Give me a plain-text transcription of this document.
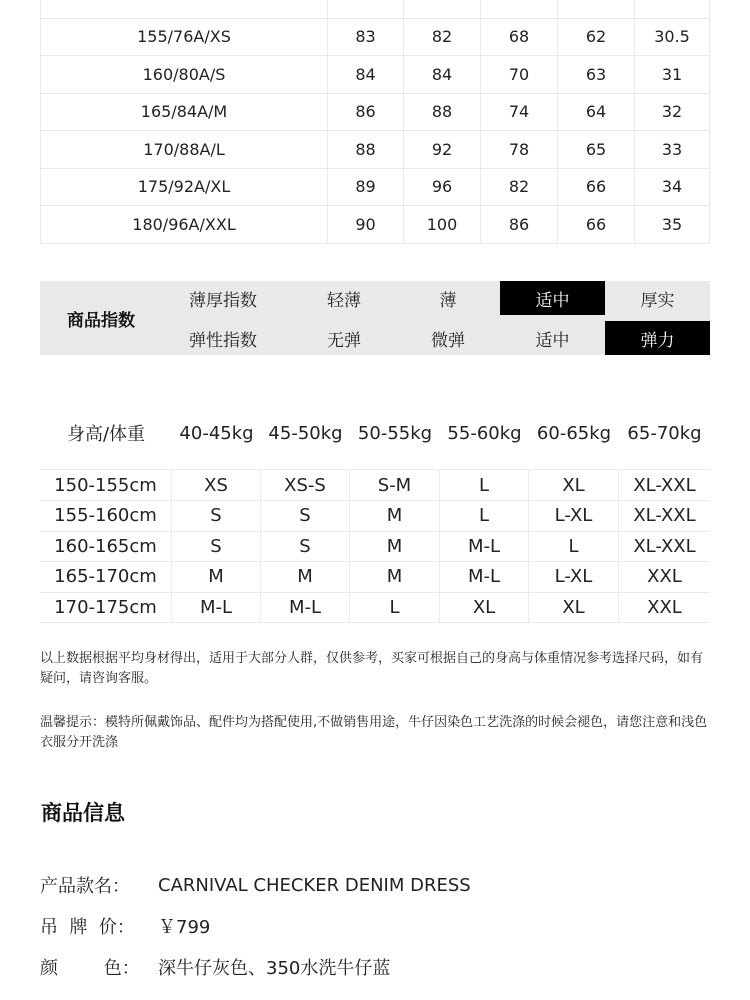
155/76A/XS	83	82	68	62	30.5
160/80A/S	84	84	70	63	31
165/84A/M	86	88	74	64	32
170/88A/L	88	92	78	65	33
175/92A/XL	89	96	82	66	34
180/96A/XXL	90	100	86	66	35
商品指数
薄厚指数	轻薄	薄	适中	厚实
弹性指数	无弹	微弹	适中	弹力
身高/体重	40-45kg 45-50kg 50-55kg 55-60kg 60-65kg 65-70kg
150-155cm	XS	XS-S	S-M	L	XL	XL-XXL
155-160cm	S	S	M	L	L-XL	XL-XXL
160-165cm	S	S	M	M-L	L	XL-XXL
165-170cm	M	M	M	M-L	L-XL	XXL
170-175cm	M-L	M-L	L	XL	XL	XXL

以上数据根据平均身材得出，适用于大部分人群，仅供参考，买家可根据自己的身高与体重情况参考选择尺码，如有疑问，请咨询客服。

温馨提示：模特所佩戴饰品、配件均为搭配使用,不做销售用途，牛仔因染色工艺洗涤的时候会褪色，请您注意和浅色衣服分开洗涤

商品信息
产品款名：	CARNIVAL CHECKER DENIM DRESS
吊  牌  价：	￥799
颜        色：	深牛仔灰色、350水洗牛仔蓝
